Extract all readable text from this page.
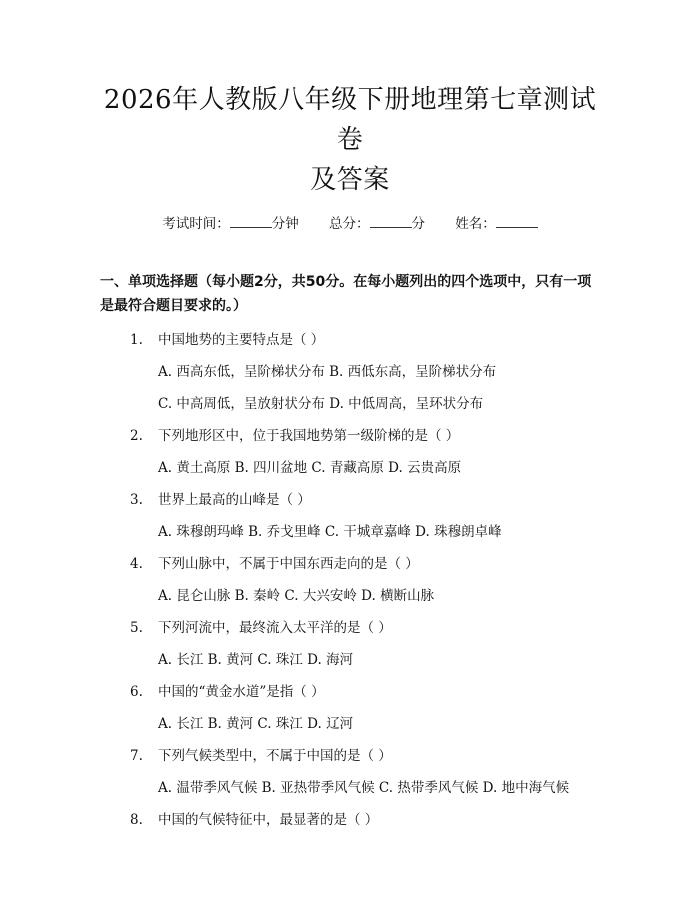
2026年人教版八年级下册地理第七章测试卷
及答案
考试时间：	分钟 总分：	分 姓名：
一、单项选择题（每小题2分，共50分。在每小题列出的四个选项中，只有一项是最符合题目要求的。）
1. 中国地势的主要特点是（ ）
A. 西高东低，呈阶梯状分布 B. 西低东高，呈阶梯状分布
C. 中高周低，呈放射状分布 D. 中低周高，呈环状分布
2. 下列地形区中，位于我国地势第一级阶梯的是（ ）
A. 黄土高原 B. 四川盆地 C. 青藏高原 D. 云贵高原
3. 世界上最高的山峰是（ ）
A. 珠穆朗玛峰 B. 乔戈里峰 C. 干城章嘉峰 D. 珠穆朗卓峰
4. 下列山脉中，不属于中国东西走向的是（ ）
A. 昆仑山脉 B. 秦岭 C. 大兴安岭 D. 横断山脉
5. 下列河流中，最终流入太平洋的是（ ）
A. 长江 B. 黄河 C. 珠江 D. 海河
6. 中国的“黄金水道”是指（ ）
A. 长江 B. 黄河 C. 珠江 D. 辽河
7. 下列气候类型中，不属于中国的是（ ）
A. 温带季风气候 B. 亚热带季风气候 C. 热带季风气候 D. 地中海气候
8. 中国的气候特征中，最显著的是（ ）
